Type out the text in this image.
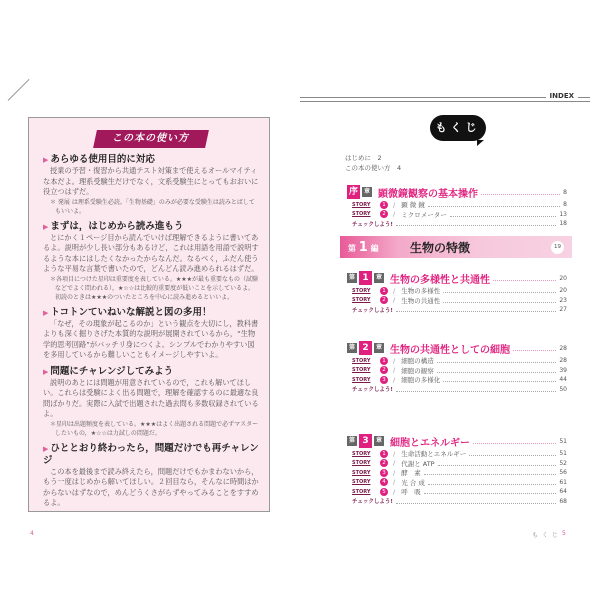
この本の使い方
▶ あらゆる使用目的に対応
授業の予習・復習から共通テスト対策まで使えるオールマイティな本だよ。理系受験生だけでなく，文系受験生にとってもおおいに役立つはずだ。
＊ 発展 は理系受験生必読。「生物基礎」のみが必要な受験生は読みとばしてもいいよ。
▶ まずは，はじめから読み進もう
とにかく１ページ目から読んでいけば理解できるように書いてあるよ。説明が少し長い部分もあるけど，これは用語を用語で説明するような本にはしたくなかったからなんだ。なるべく，ふだん使うような平易な言葉で書いたので，どんどん読み進められるはずだ。
＊各項目につけた星印は重要度を表している。★★★が最も重要なもの（試験などでよく問われる），★☆☆は比較的重要度が低いことを示しているよ。初読のときは★★★のついたところを中心に読み進めるといいよ。
▶ トコトンていねいな解説と図の多用！
「なぜ，その現象が起こるのか」という観点を大切にし，教科書よりも深く掘りさげた本質的な説明が展開されているから，“生物学的思考回路”がバッチリ身につくよ。シンプルでわかりやすい図を多用しているから難しいこともイメージしやすいよ。
▶ 問題にチャレンジしてみよう
説明のあとには問題が用意されているので，これも解いてほしい。これらは受験によく出る問題で，理解を確認するのに最適な良問ばかりだ。実際に入試で出題された過去問も多数収録されているよ。
＊星印は出題頻度を表している。★★★はよく出題される問題で必ずマスターしたいもの，★☆☆は力試しの問題だ。
▶ ひととおり終わったら，問題だけでも再チャレンジ
この本を最後まで読み終えたら，問題だけでもかまわないから，もう一度はじめから解いてほしい。２回目なら，そんなに時間はかからないはずなので，めんどうくさがらずやってみることをすすめるよ。
4
INDEX
もくじ
はじめに　2
この本の使い方　4
第 1 編	生物の特徴	19
もくじ 5
序 章 顕微鏡観察の基本操作	8
STORY	1	/ 顕 微 鏡	8
STORY	2	/ ミクロメーター	13
チェックしよう!	18
第 1	章 生物の多様性と共通性	20
STORY	1	/ 生物の多様性	20
STORY	2	/ 生物の共通性	23
チェックしよう!	27
第 2	章 生物の共通性としての細胞	28
STORY	1	/ 細胞の構造	28
STORY	2	/ 細胞の観察	39
STORY	3	/ 細胞の多様化	44
チェックしよう!	50
第 3	章 細胞とエネルギー	51
STORY	1	/ 生命活動とエネルギー	51
STORY	2	/ 代謝と ATP	52
STORY	3	/ 酵　素	56
STORY	4	/ 光 合 成	61
STORY	5	/ 呼　吸	64
チェックしよう!	68
